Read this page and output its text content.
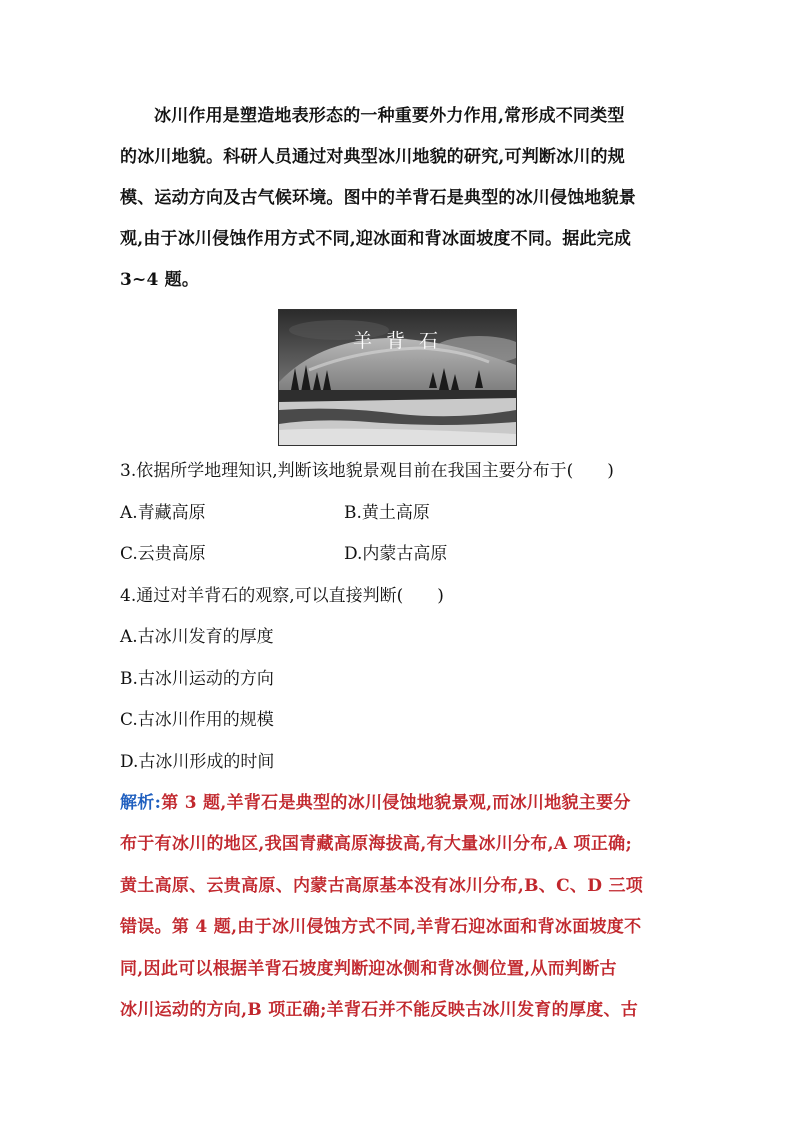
冰川作用是塑造地表形态的一种重要外力作用,常形成不同类型
的冰川地貌。科研人员通过对典型冰川地貌的研究,可判断冰川的规
模、运动方向及古气候环境。图中的羊背石是典型的冰川侵蚀地貌景
观,由于冰川侵蚀作用方式不同,迎冰面和背冰面坡度不同。据此完成
3~4 题。
羊背石
3.依据所学地理知识,判断该地貌景观目前在我国主要分布于(　　)
A.青藏高原	B.黄土高原
C.云贵高原	D.内蒙古高原
4.通过对羊背石的观察,可以直接判断(　　)
A.古冰川发育的厚度
B.古冰川运动的方向
C.古冰川作用的规模
D.古冰川形成的时间
解析:第 3 题,羊背石是典型的冰川侵蚀地貌景观,而冰川地貌主要分
布于有冰川的地区,我国青藏高原海拔高,有大量冰川分布,A 项正确;
黄土高原、云贵高原、内蒙古高原基本没有冰川分布,B、C、D 三项
错误。第 4 题,由于冰川侵蚀方式不同,羊背石迎冰面和背冰面坡度不
同,因此可以根据羊背石坡度判断迎冰侧和背冰侧位置,从而判断古
冰川运动的方向,B 项正确;羊背石并不能反映古冰川发育的厚度、古
